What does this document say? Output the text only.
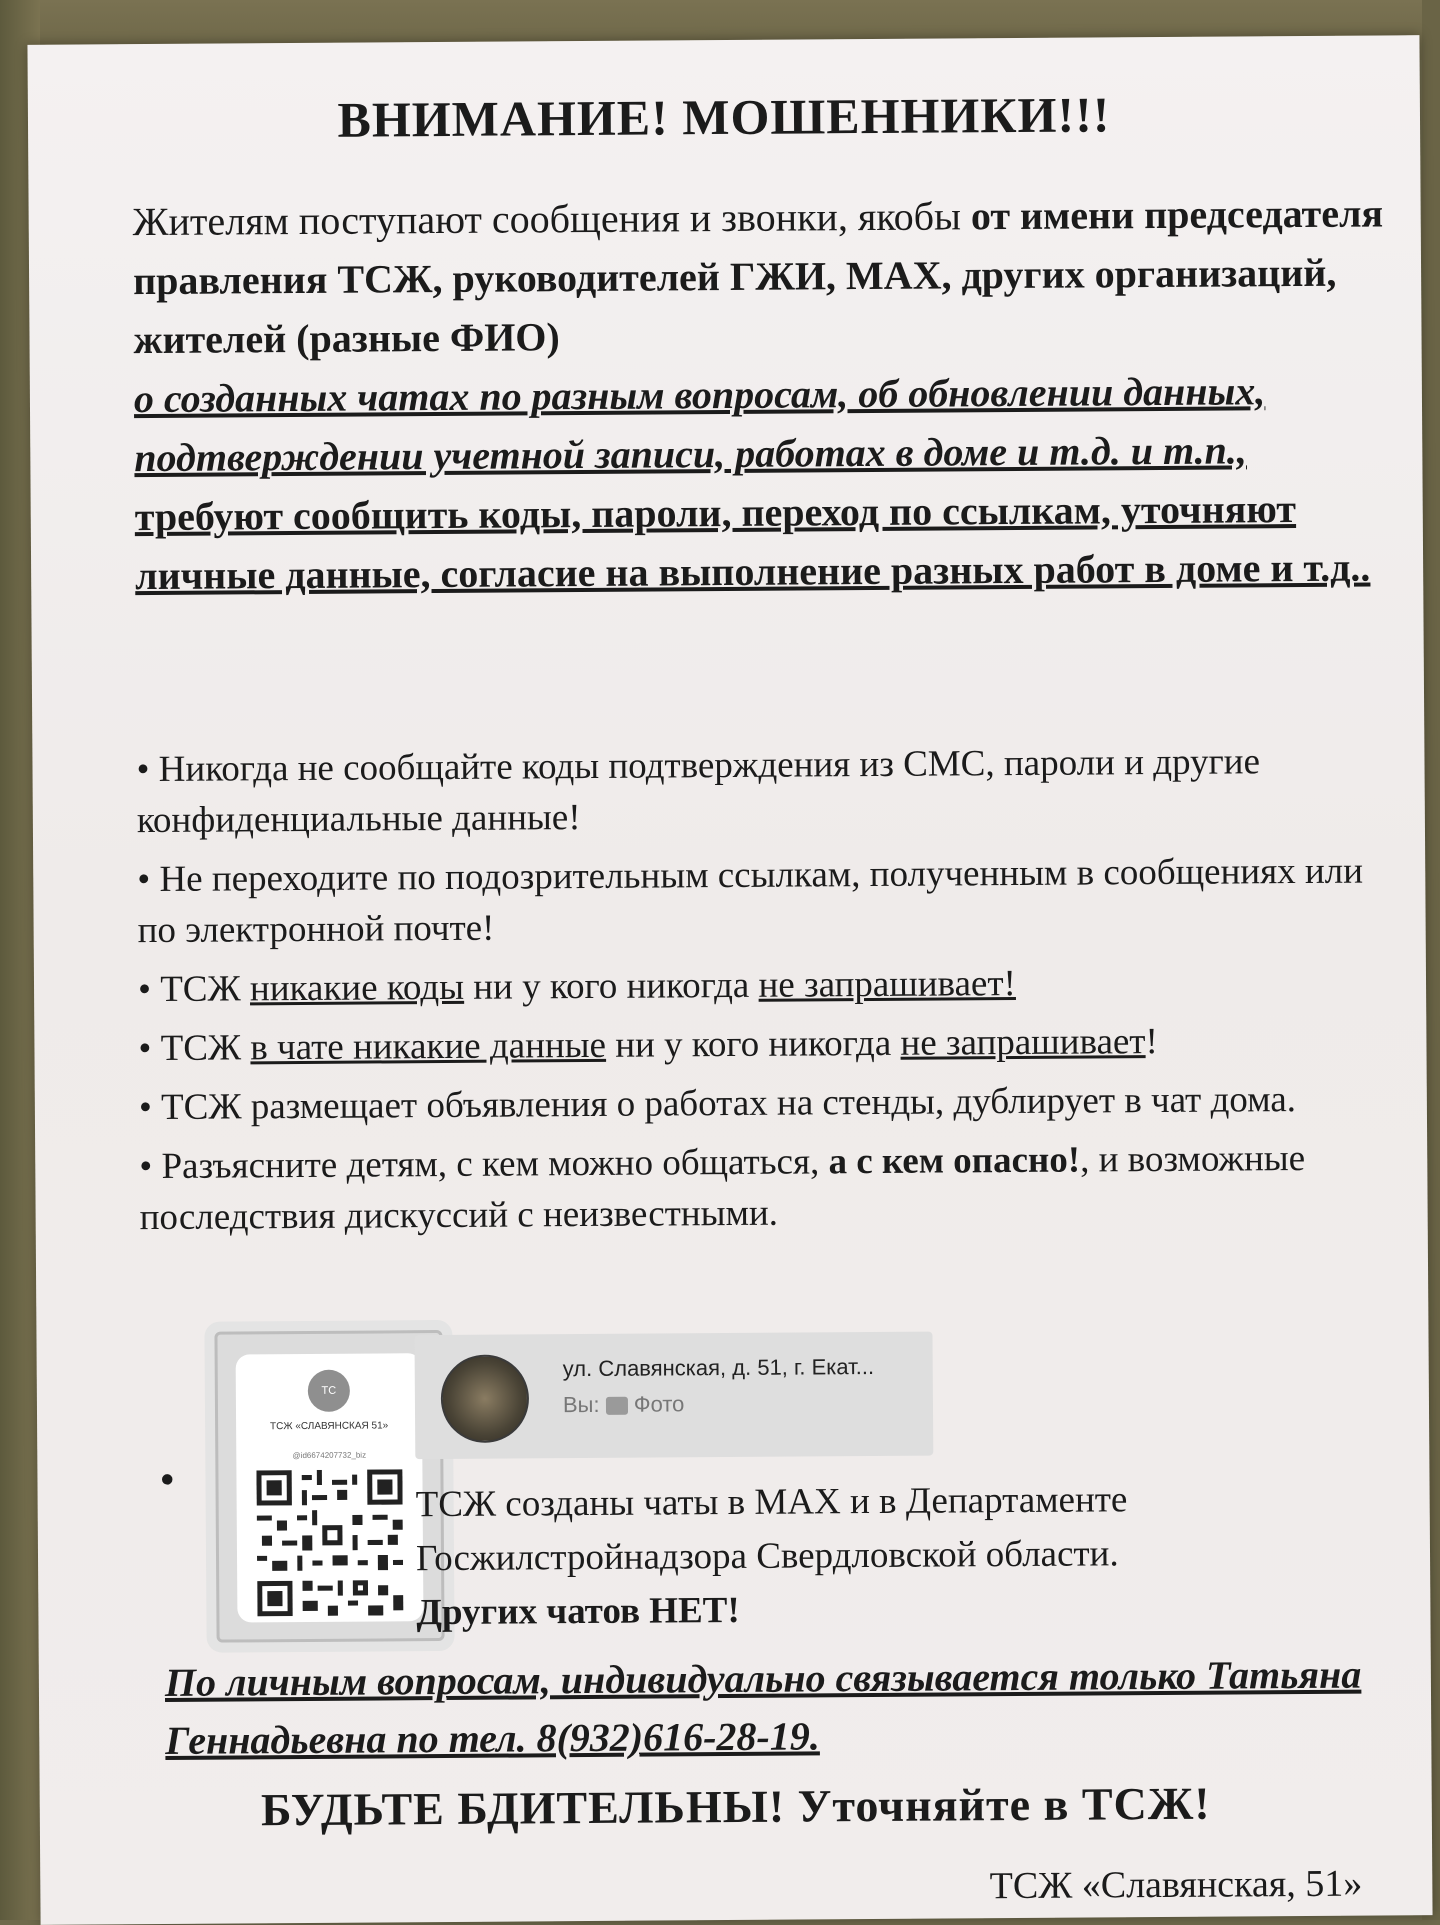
ВНИМАНИЕ! МОШЕННИКИ!!!
Жителям поступают сообщения и звонки, якобы от имени председателя правления ТСЖ, руководителей ГЖИ, МАХ, других организаций, жителей (разные ФИО)
о созданных чатах по разным вопросам, об обновлении данных, подтверждении учетной записи, работах в доме и т.д. и т.п.,
требуют сообщить коды, пароли, переход по ссылкам, уточняют личные данные, согласие на выполнение разных работ в доме и т.д..
• Никогда не сообщайте коды подтверждения из СМС, пароли и другие конфиденциальные данные!
• Не переходите по подозрительным ссылкам, полученным в сообщениях или по электронной почте!
• ТСЖ никакие коды ни у кого никогда не запрашивает!
• ТСЖ в чате никакие данные ни у кого никогда не запрашивает!
• ТСЖ размещает объявления о работах на стенды, дублирует в чат дома.
• Разъясните детям, с кем можно общаться, а с кем опасно!, и возможные последствия дискуссий с неизвестными.
•
ТС
ТСЖ «СЛАВЯНСКАЯ 51»
@id6674207732_biz
ул. Славянская, д. 51, г. Екат...
Вы:  Фото
ТСЖ созданы чаты в МАХ и в Департаменте Госжилстройнадзора Свердловской области.
Других чатов НЕТ!
По личным вопросам, индивидуально связывается только Татьяна Геннадьевна по тел. 8(932)616-28-19.
БУДЬТЕ БДИТЕЛЬНЫ! Уточняйте в ТСЖ!
ТСЖ «Славянская, 51»
